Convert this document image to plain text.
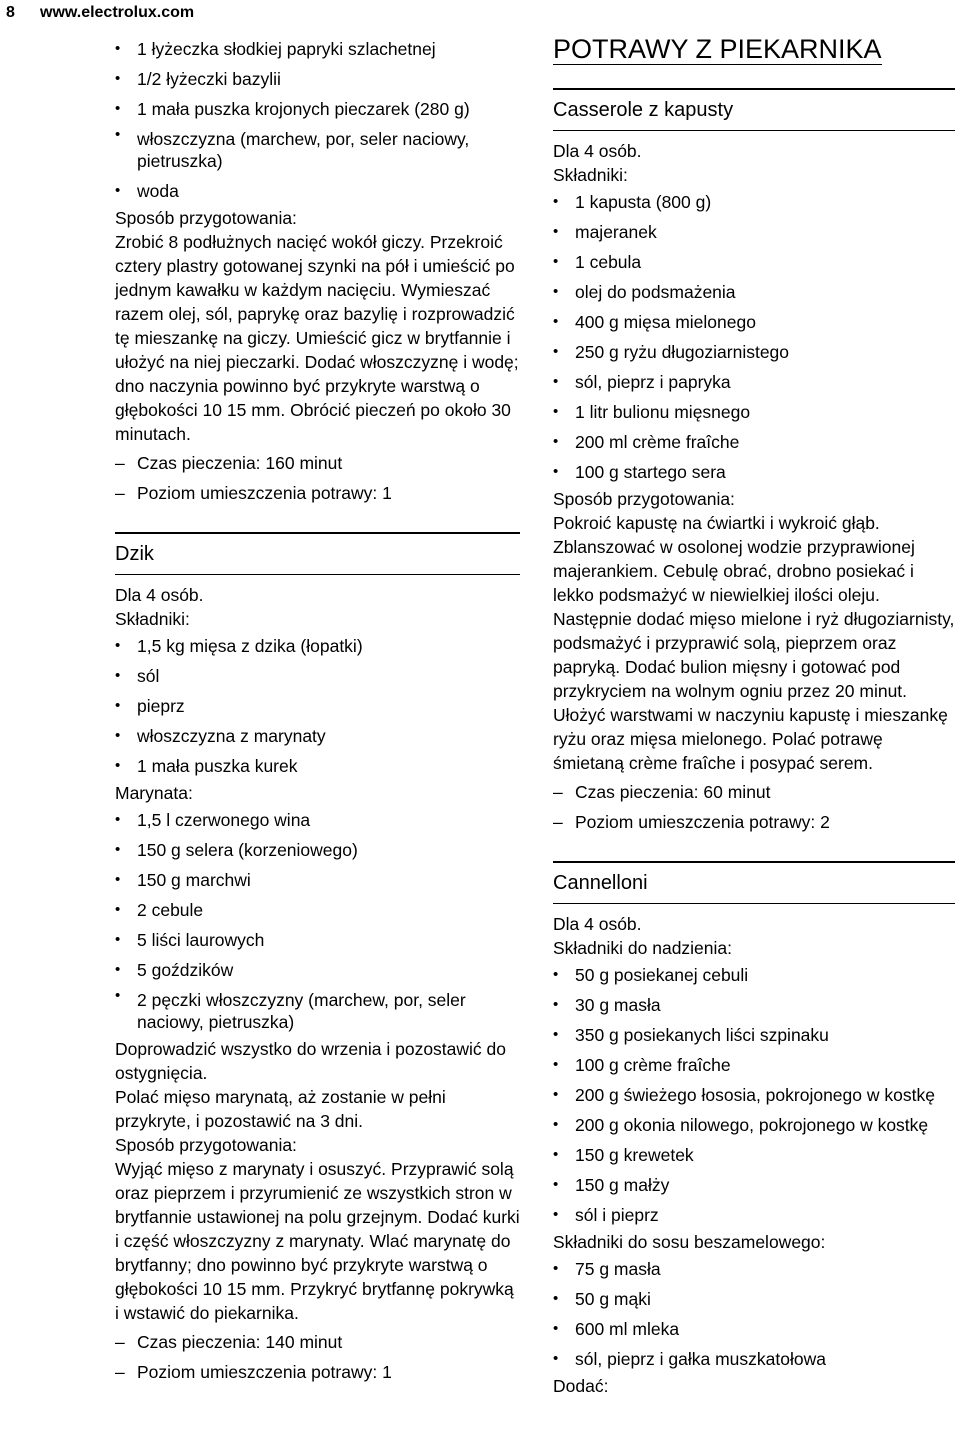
8 www.electrolux.com
• 1 łyżeczka słodkiej papryki szlachetnej
• 1/2 łyżeczki bazylii
• 1 mała puszka krojonych pieczarek (280 g)
• włoszczyzna (marchew, por, seler naciowy, pietruszka)
• woda
Sposób przygotowania:

Zrobić 8 podłużnych nacięć wokół giczy. Przekroić cztery plastry gotowanej szynki na pół i umieścić po jednym kawałku w każdym nacięciu. Wymieszać razem olej, sól, paprykę oraz bazylię i rozprowadzić tę mieszankę na giczy. Umieścić gicz w brytfannie i ułożyć na niej pieczarki. Dodać włoszczyznę i wodę; dno naczynia powinno być przykryte warstwą o głębokości 10 15 mm. Obrócić pieczeń po około 30 minutach.

– Czas pieczenia: 160 minut
– Poziom umieszczenia potrawy: 1
Dzik
Dla 4 osób.
Składniki:
• 1,5 kg mięsa z dzika (łopatki)
• sól
• pieprz
• włoszczyzna z marynaty
• 1 mała puszka kurek
Marynata:
• 1,5 l czerwonego wina
• 150 g selera (korzeniowego)
• 150 g marchwi
• 2 cebule
• 5 liści laurowych
• 5 goździków
• 2 pęczki włoszczyzny (marchew, por, seler naciowy, pietruszka)

Doprowadzić wszystko do wrzenia i pozostawić do ostygnięcia.

Polać mięso marynatą, aż zostanie w pełni przykryte, i pozostawić na 3 dni.

Sposób przygotowania:

Wyjąć mięso z marynaty i osuszyć. Przyprawić solą oraz pieprzem i przyrumienić ze wszystkich stron w brytfannie ustawionej na polu grzejnym. Dodać kurki i część włoszczyzny z marynaty. Wlać marynatę do brytfanny; dno powinno być przykryte warstwą o głębokości 10 15 mm. Przykryć brytfannę pokrywką i wstawić do piekarnika.

– Czas pieczenia: 140 minut
– Poziom umieszczenia potrawy: 1
POTRAWY Z PIEKARNIKA
Casserole z kapusty
Dla 4 osób.
Składniki:
• 1 kapusta (800 g)
• majeranek
• 1 cebula
• olej do podsmażenia
• 400 g mięsa mielonego
• 250 g ryżu długoziarnistego
• sól, pieprz i papryka
• 1 litr bulionu mięsnego
• 200 ml crème fraîche
• 100 g startego sera
Sposób przygotowania:

Pokroić kapustę na ćwiartki i wykroić głąb. Zblanszować w osolonej wodzie przyprawionej majerankiem. Cebulę obrać, drobno posiekać i lekko podsmażyć w niewielkiej ilości oleju. Następnie dodać mięso mielone i ryż długoziarnisty, podsmażyć i przyprawić solą, pieprzem oraz papryką. Dodać bulion mięsny i gotować pod przykryciem na wolnym ogniu przez 20 minut. Ułożyć warstwami w naczyniu kapustę i mieszankę ryżu oraz mięsa mielonego. Polać potrawę śmietaną crème fraîche i posypać serem.

– Czas pieczenia: 60 minut
– Poziom umieszczenia potrawy: 2
Cannelloni
Dla 4 osób.
Składniki do nadzienia:
• 50 g posiekanej cebuli
• 30 g masła
• 350 g posiekanych liści szpinaku
• 100 g crème fraîche
• 200 g świeżego łososia, pokrojonego w kostkę
• 200 g okonia nilowego, pokrojonego w kostkę
• 150 g krewetek
• 150 g małży
• sól i pieprz
Składniki do sosu beszamelowego:
• 75 g masła
• 50 g mąki
• 600 ml mleka
• sól, pieprz i gałka muszkatołowa
Dodać:
